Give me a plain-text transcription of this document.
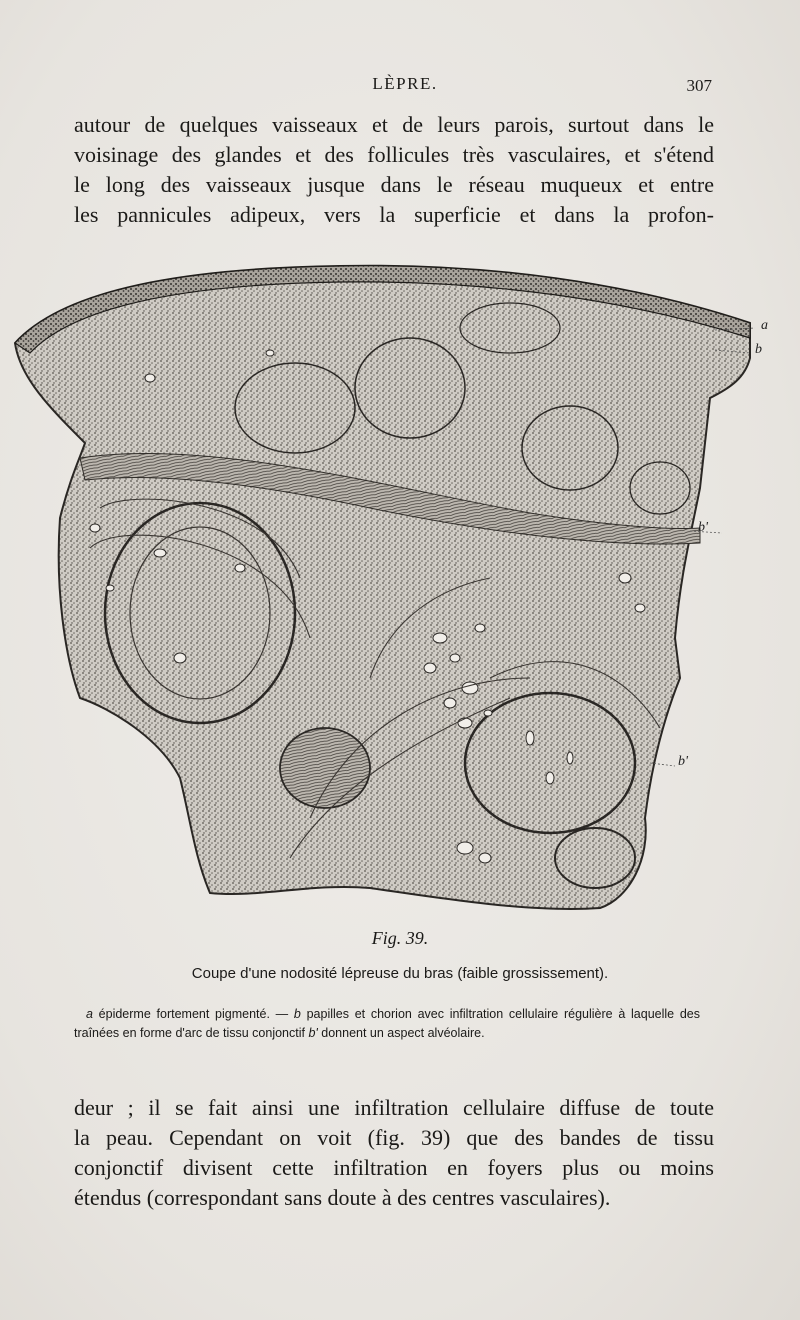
LÈPRE.	307

autour de quelques vaisseaux et de leurs parois, surtout dans le
voisinage des glandes et des follicules très vasculaires, et s'étend
le long des vaisseaux jusque dans le réseau muqueux et entre
les pannicules adipeux, vers la superficie et dans la profon-

a
b
b'
b'
Fig. 39.
Coupe d'une nodosité lépreuse du bras (faible grossissement).

a épiderme fortement pigmenté. — b papilles et chorion avec infiltration cellulaire régulière à laquelle des traînées en forme d'arc de tissu conjonctif b' donnent un aspect alvéolaire.

deur ; il se fait ainsi une infiltration cellulaire diffuse de toute
la peau. Cependant on voit (fig. 39) que des bandes de tissu
conjonctif divisent cette infiltration en foyers plus ou moins
étendus (correspondant sans doute à des centres vasculaires).
